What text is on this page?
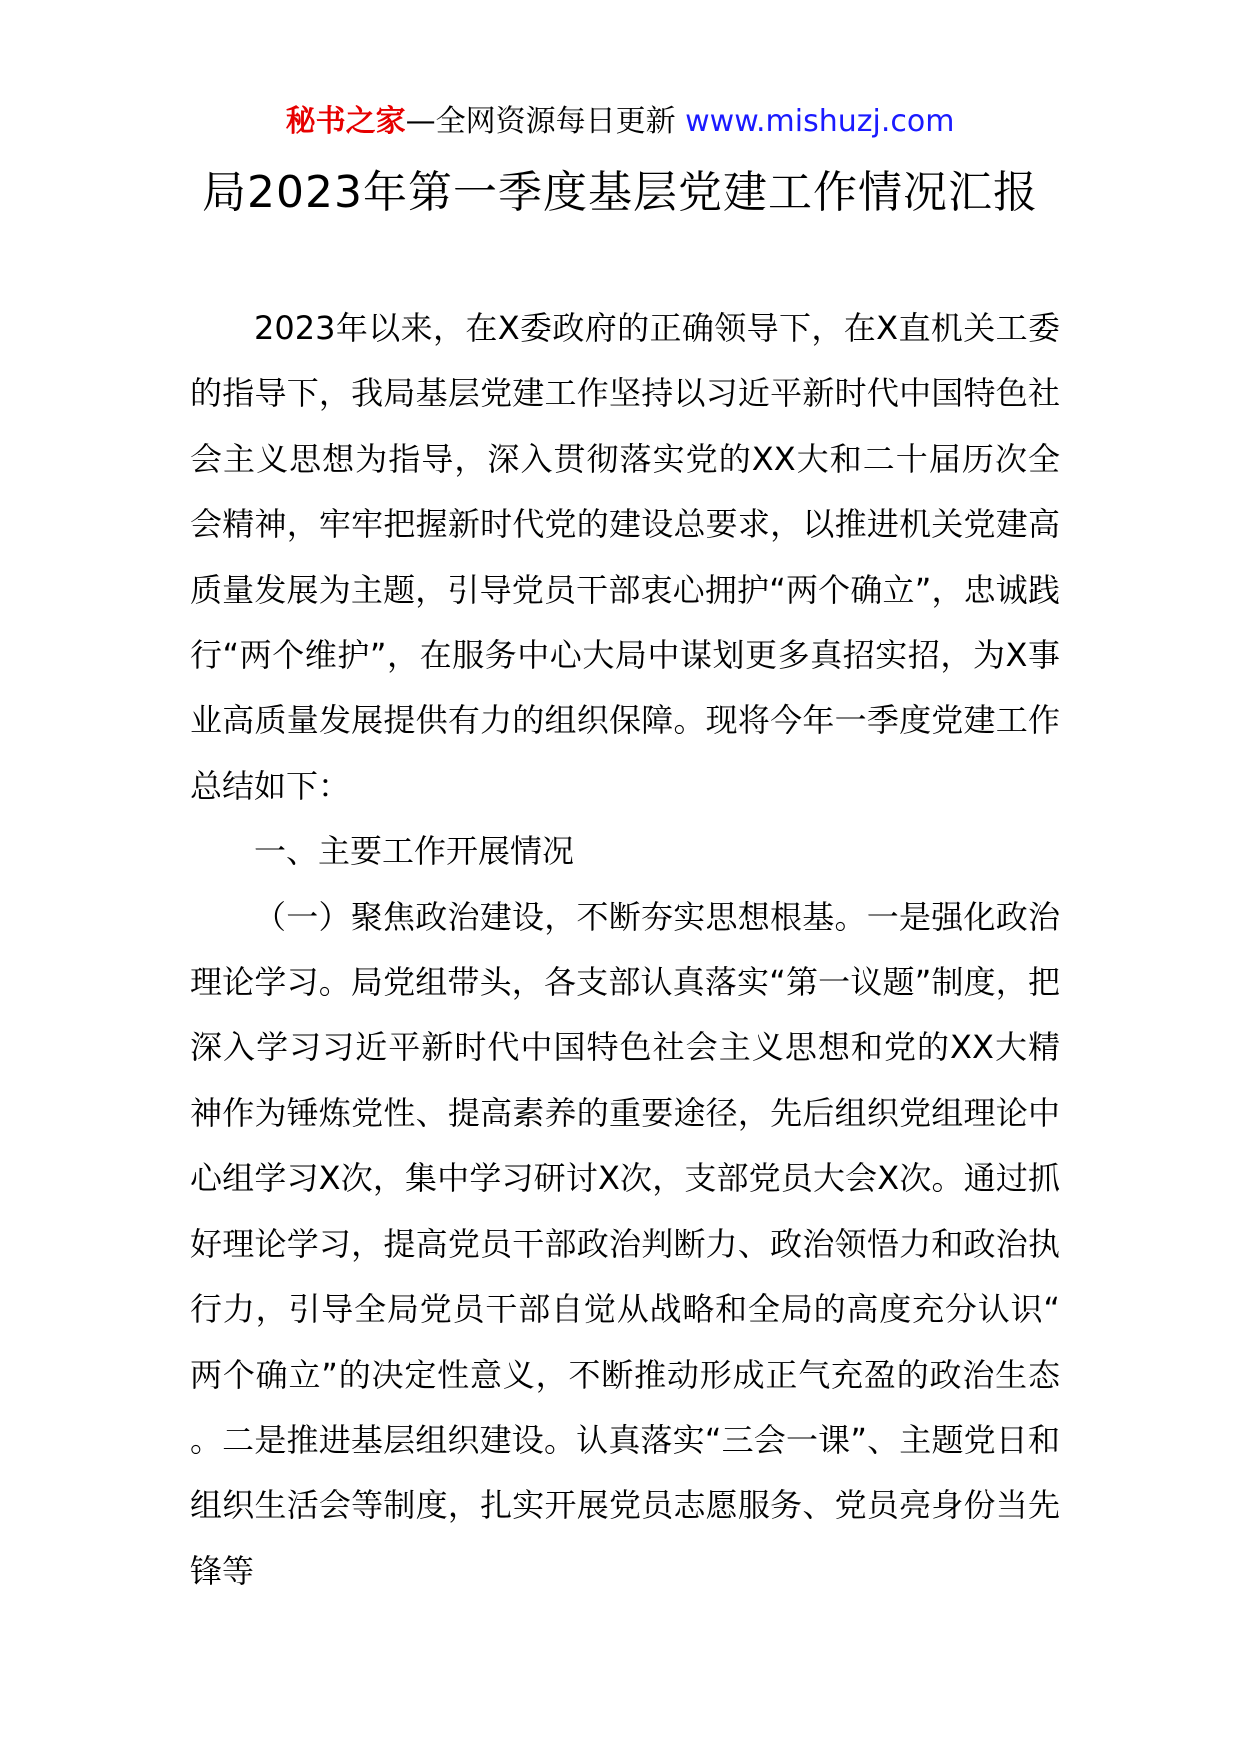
秘书之家—全网资源每日更新 www.mishuzj.com
局2023年第一季度基层党建工作情况汇报

2023年以来，在X委政府的正确领导下，在X直机关工委的指导下，我局基层党建工作坚持以习近平新时代中国特色社会主义思想为指导，深入贯彻落实党的XX大和二十届历次全会精神，牢牢把握新时代党的建设总要求，以推进机关党建高质量发展为主题，引导党员干部衷心拥护“两个确立”，忠诚践行“两个维护”，在服务中心大局中谋划更多真招实招，为X事业高质量发展提供有力的组织保障。现将今年一季度党建工作总结如下：

一、主要工作开展情况

（一）聚焦政治建设，不断夯实思想根基。一是强化政治理论学习。局党组带头，各支部认真落实“第一议题”制度，把深入学习习近平新时代中国特色社会主义思想和党的XX大精神作为锤炼党性、提高素养的重要途径，先后组织党组理论中心组学习X次，集中学习研讨X次，支部党员大会X次。通过抓好理论学习，提高党员干部政治判断力、政治领悟力和政治执行力，引导全局党员干部自觉从战略和全局的高度充分认识“两个确立”的决定性意义，不断推动形成正气充盈的政治生态。二是推进基层组织建设。认真落实“三会一课”、主题党日和组织生活会等制度，扎实开展党员志愿服务、党员亮身份当先锋等
